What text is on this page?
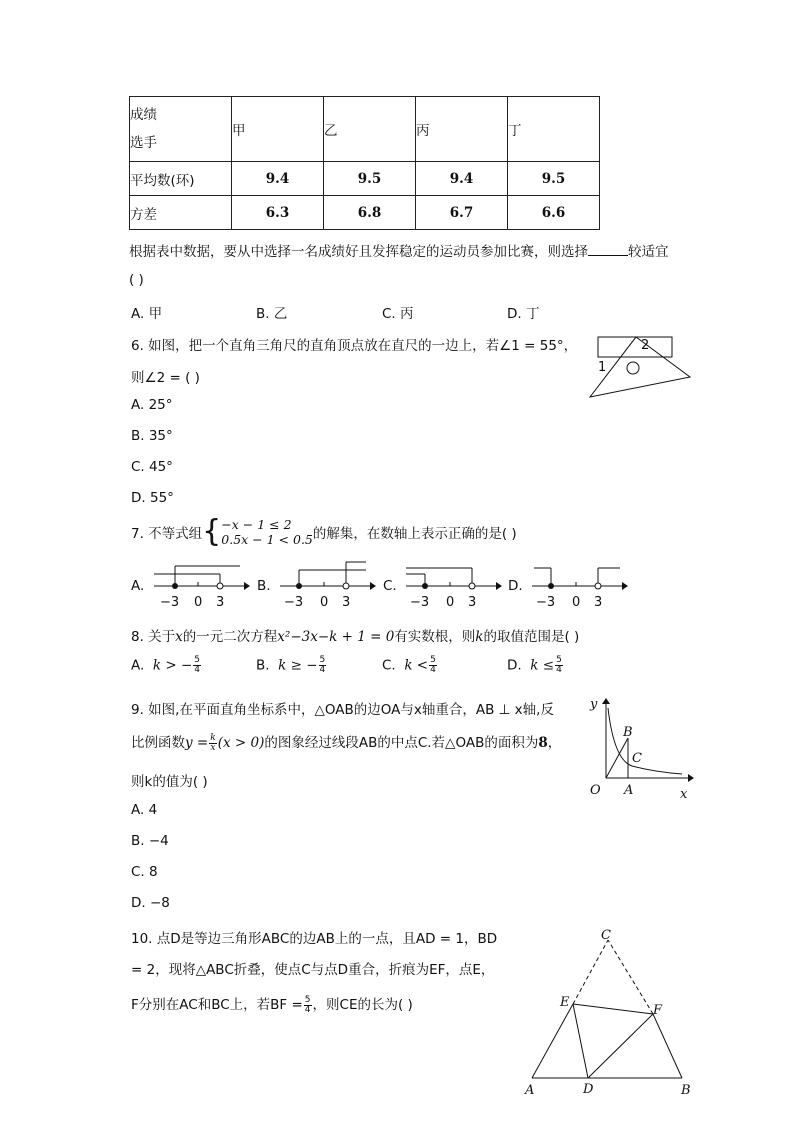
成绩
选手	甲	乙	丙	丁
平均数(环)	9.4	9.5	9.4	9.5
方差	6.3	6.8	6.7	6.6
根据表中数据，要从中选择一名成绩好且发挥稳定的运动员参加比赛，则选择	较适宜
( )
A. 甲	B. 乙	C. 丙	D. 丁
6. 如图，把一个直角三角尺的直角顶点放在直尺的一边上，若∠1 = 55°，
则∠2 = ( )
1
2
A. 25°
B. 35°
C. 45°
D. 55°
7. 不等式组{ −x − 1 ≤ 2
0.5x − 1 < 0.5 的解集，在数轴上表示正确的是( )
A.
−3 0 3
B.
−3 0 3
C.
−3 0 3
D.
−3 0 3
8. 关于x的一元二次方程x²−3x−k + 1 = 0有实数根，则k的取值范围是( )
A. k > − $\frac{5}{4}$	B. k ≥ − $\frac{5}{4}$	C. $k < \frac{5}{4}$	D. $k \le \frac{5}{4}$
9. 如图,在平面直角坐标系中，△OAB的边OA与x轴重合，AB ⊥ x轴,反
比例函数$y = \frac{k}{x} (x > 0)$的图象经过线段AB的中点C.若△OAB的面积为8，
则k的值为( )
y
x
O A
B
C
A. 4
B. −4
C. 8
D. −8
10. 点D是等边三角形ABC的边AB上的一点，且AD = 1，BD
= 2，现将△ABC折叠，使点C与点D重合，折痕为EF，点E，
F分别在AC和BC上，若BF = $\frac{5}{4}$ ，则CE的长为( )
A	B
C
D
E
F
